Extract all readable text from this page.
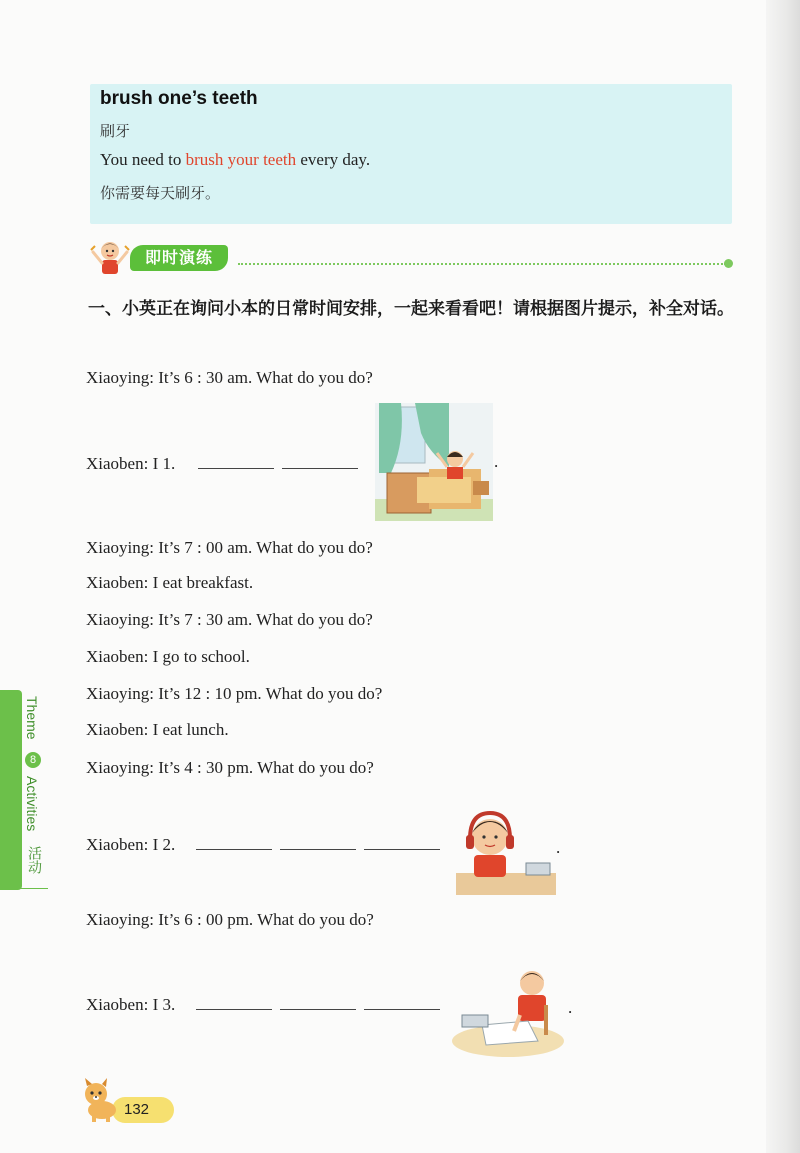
brush one’s teeth
刷牙
You need to brush your teeth every day.
你需要每天刷牙。
即时演练
一、小英正在询问小本的日常时间安排，一起来看看吧！请根据图片提示，补全对话。
Xiaoying: It’s 6 : 30 am. What do you do?
Xiaoben: I 1.	.
Xiaoying: It’s 7 : 00 am. What do you do?
Xiaoben: I eat breakfast.
Xiaoying: It’s 7 : 30 am. What do you do?
Xiaoben: I go to school.
Xiaoying: It’s 12 : 10 pm. What do you do?
Xiaoben: I eat lunch.
Xiaoying: It’s 4 : 30 pm. What do you do?
Xiaoben: I 2.	.
Xiaoying: It’s 6 : 00 pm. What do you do?
Xiaoben: I 3.	.
Theme
8
Activities
活动
132
